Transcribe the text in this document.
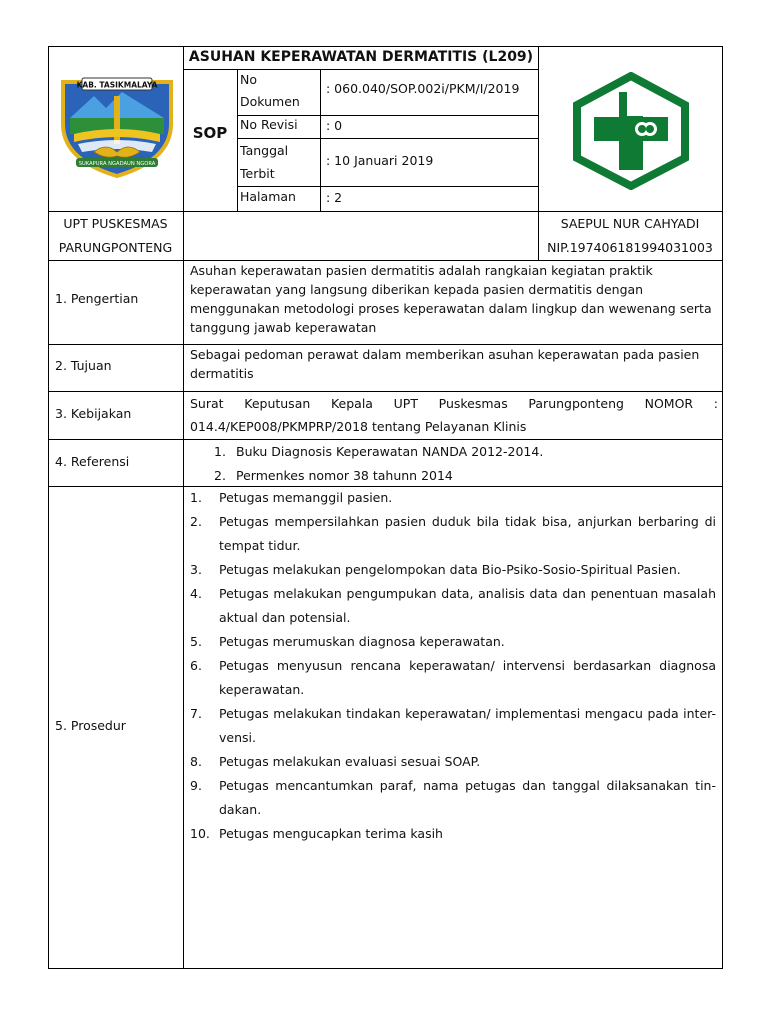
KAB. TASIKMALAYA
SUKAPURA NGADAUN NGORA
ASUHAN KEPERAWATAN DERMATITIS (L209)
SOP
No
Dokumen
: 060.040/SOP.002i/PKM/I/2019
No Revisi : 0
Tanggal
Terbit
: 10 Januari 2019
Halaman : 2
UPT PUSKESMAS
PARUNGPONTENG
SAEPUL NUR CAHYADI
NIP.197406181994031003
1. Pengertian
Asuhan keperawatan pasien dermatitis adalah rangkaian kegiatan praktik
keperawatan yang langsung diberikan kepada pasien dermatitis dengan
menggunakan metodologi proses keperawatan dalam lingkup dan wewenang serta
tanggung jawab keperawatan
2. Tujuan
Sebagai pedoman perawat dalam memberikan asuhan keperawatan pada pasien
dermatitis
3. Kebijakan
Surat Keputusan Kepala UPT Puskesmas Parungponteng NOMOR :
014.4/KEP008/PKMPRP/2018 tentang Pelayanan Klinis
4. Referensi
1. Buku Diagnosis Keperawatan NANDA 2012-2014.
2. Permenkes nomor 38 tahunn 2014
5. Prosedur
1. Petugas memanggil pasien.
2. Petugas mempersilahkan pasien duduk bila tidak bisa, anjurkan berbaring di
tempat tidur.
3. Petugas melakukan pengelompokan data Bio-Psiko-Sosio-Spiritual Pasien.
4. Petugas melakukan pengumpukan data, analisis data dan penentuan masalah
aktual dan potensial.
5. Petugas merumuskan diagnosa keperawatan.
6. Petugas menyusun rencana keperawatan/ intervensi berdasarkan diagnosa
keperawatan.
7. Petugas melakukan tindakan keperawatan/ implementasi mengacu pada inter-
vensi.
8. Petugas melakukan evaluasi sesuai SOAP.
9. Petugas mencantumkan paraf, nama petugas dan tanggal dilaksanakan tin-
dakan.
10. Petugas mengucapkan terima kasih
